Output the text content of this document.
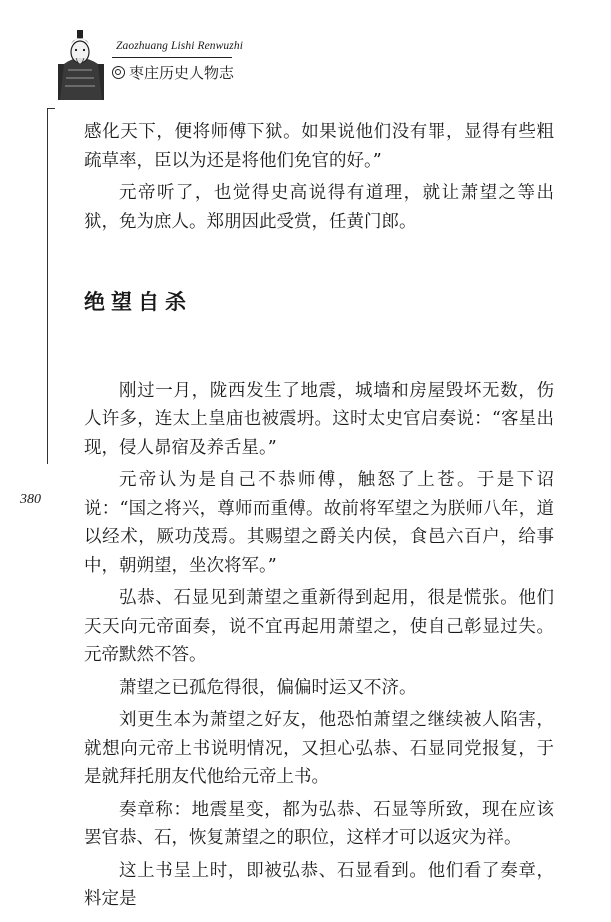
Zaozhuang Lishi Renwuzhi
枣庄历史人物志
380

感化天下，便将师傅下狱。如果说他们没有罪，显得有些粗疏草率，臣以为还是将他们免官的好。”

元帝听了，也觉得史高说得有道理，就让萧望之等出狱，免为庶人。郑朋因此受赏，任黄门郎。

绝望自杀

刚过一月，陇西发生了地震，城墙和房屋毁坏无数，伤人许多，连太上皇庙也被震坍。这时太史官启奏说：“客星出现，侵人昴宿及养舌星。”

元帝认为是自己不恭师傅，触怒了上苍。于是下诏说：“国之将兴，尊师而重傅。故前将军望之为朕师八年，道以经术，厥功茂焉。其赐望之爵关内侯，食邑六百户，给事中，朝朔望，坐次将军。”

弘恭、石显见到萧望之重新得到起用，很是慌张。他们天天向元帝面奏，说不宜再起用萧望之，使自己彰显过失。元帝默然不答。

萧望之已孤危得很，偏偏时运又不济。

刘更生本为萧望之好友，他恐怕萧望之继续被人陷害，就想向元帝上书说明情况，又担心弘恭、石显同党报复，于是就拜托朋友代他给元帝上书。

奏章称：地震星变，都为弘恭、石显等所致，现在应该罢官恭、石，恢复萧望之的职位，这样才可以返灾为祥。

这上书呈上时，即被弘恭、石显看到。他们看了奏章，料定是
